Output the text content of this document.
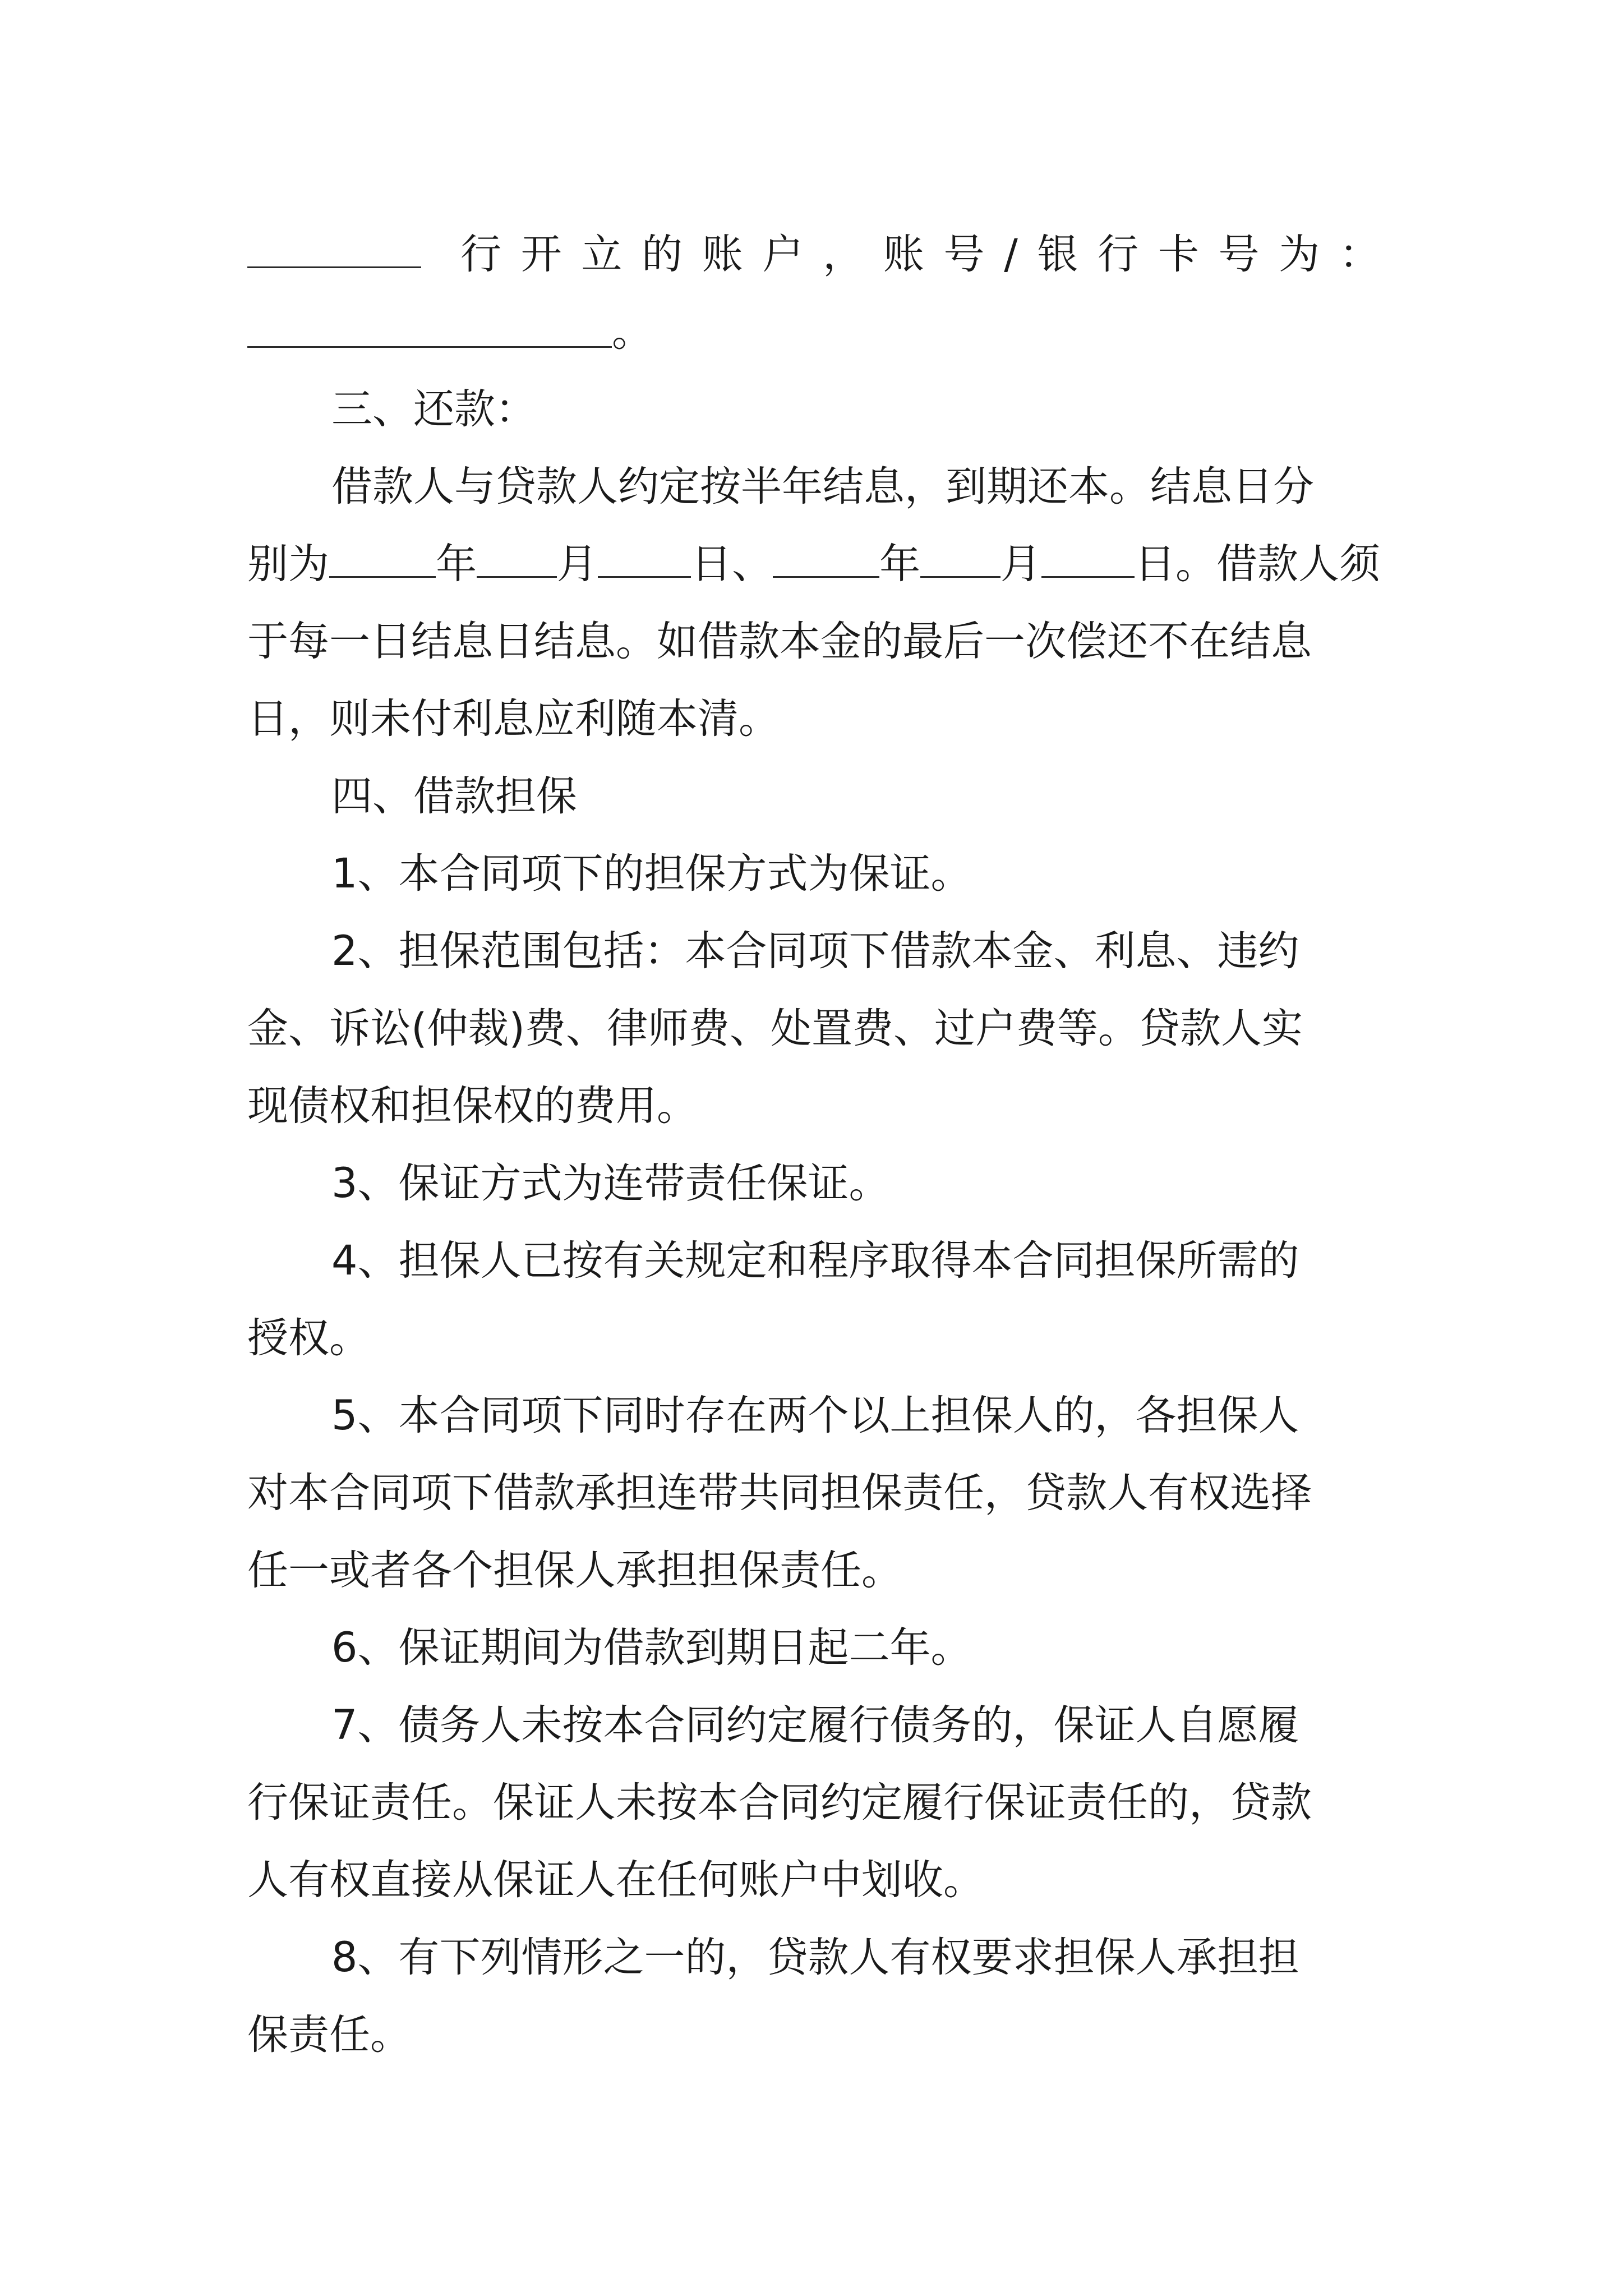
行 开 立 的 账 户 ， 账 号 / 银 行 卡 号 为 ：
。
三、还款：
借款人与贷款人约定按半年结息，到期还本。结息日分
别为	年 月 日、	年 月 日。借款人须
于每一日结息日结息。如借款本金的最后一次偿还不在结息
日，则未付利息应利随本清。
四、借款担保
1、本合同项下的担保方式为保证。
2、担保范围包括：本合同项下借款本金、利息、违约
金、诉讼(仲裁)费、律师费、处置费、过户费等。贷款人实
现债权和担保权的费用。
3、保证方式为连带责任保证。
4、担保人已按有关规定和程序取得本合同担保所需的
授权。
5、本合同项下同时存在两个以上担保人的，各担保人
对本合同项下借款承担连带共同担保责任，贷款人有权选择
任一或者各个担保人承担担保责任。
6、保证期间为借款到期日起二年。
7、债务人未按本合同约定履行债务的，保证人自愿履
行保证责任。保证人未按本合同约定履行保证责任的，贷款
人有权直接从保证人在任何账户中划收。
8、有下列情形之一的，贷款人有权要求担保人承担担
保责任。
